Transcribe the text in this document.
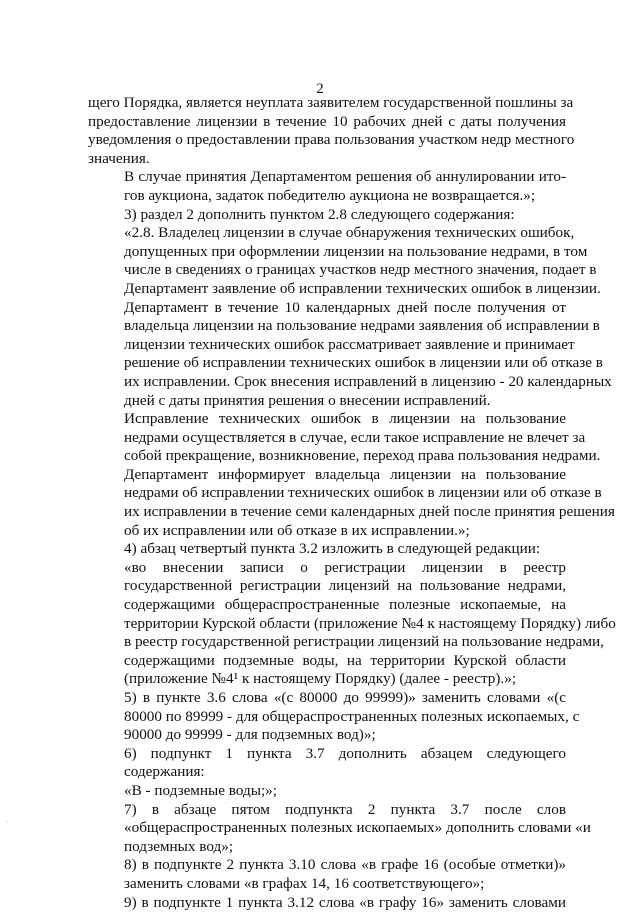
2
щего Порядка, является неуплата заявителем государственной пошлины за
предоставление лицензии в течение 10 рабочих дней с даты получения
уведомления о предоставлении права пользования участком недр местного
значения.
В случае принятия Департаментом решения об аннулировании ито-
гов аукциона, задаток победителю аукциона не возвращается.»;
3) раздел 2 дополнить пунктом 2.8 следующего содержания:
«2.8. Владелец лицензии в случае обнаружения технических ошибок,
допущенных при оформлении лицензии на пользование недрами, в том
числе в сведениях о границах участков недр местного значения, подает в
Департамент заявление об исправлении технических ошибок в лицензии.
Департамент в течение 10 календарных дней после получения от
владельца лицензии на пользование недрами заявления об исправлении в
лицензии технических ошибок рассматривает заявление и принимает
решение об исправлении технических ошибок в лицензии или об отказе в
их исправлении. Срок внесения исправлений в лицензию - 20 календарных
дней с даты принятия решения о внесении исправлений.
Исправление технических ошибок в лицензии на пользование
недрами осуществляется в случае, если такое исправление не влечет за
собой прекращение, возникновение, переход права пользования недрами.
Департамент информирует владельца лицензии на пользование
недрами об исправлении технических ошибок в лицензии или об отказе в
их исправлении в течение семи календарных дней после принятия решения
об их исправлении или об отказе в их исправлении.»;
4) абзац четвертый пункта 3.2 изложить в следующей редакции:
«во внесении записи о регистрации лицензии в реестр
государственной регистрации лицензий на пользование недрами,
содержащими общераспространенные полезные ископаемые, на
территории Курской области (приложение №4 к настоящему Порядку) либо
в реестр государственной регистрации лицензий на пользование недрами,
содержащими подземные воды, на территории Курской области
(приложение №4¹ к настоящему Порядку) (далее - реестр).»;
5) в пункте 3.6 слова «(с 80000 до 99999)» заменить словами «(с
80000 по 89999 - для общераспространенных полезных ископаемых, с
90000 до 99999 - для подземных вод)»;
6) подпункт 1 пункта 3.7 дополнить абзацем следующего
содержания:
«В - подземные воды;»;
7) в абзаце пятом подпункта 2 пункта 3.7 после слов
«общераспространенных полезных ископаемых» дополнить словами «и
подземных вод»;
8) в подпункте 2 пункта 3.10 слова «в графе 16 (особые отметки)»
заменить словами «в графах 14, 16 соответствующего»;
9) в подпункте 1 пункта 3.12 слова «в графу 16» заменить словами
.
